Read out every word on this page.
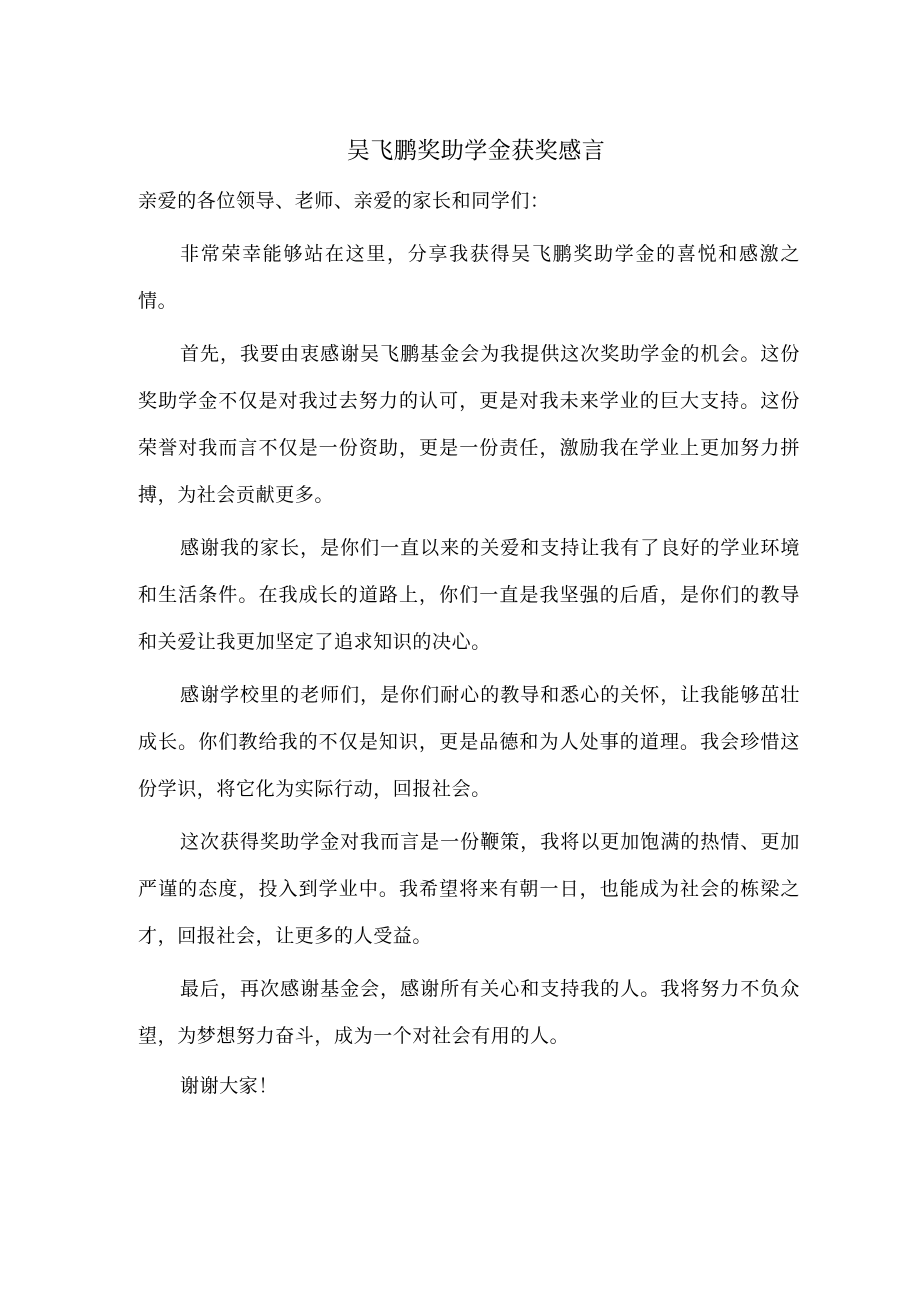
吴飞鹏奖助学金获奖感言

亲爱的各位领导、老师、亲爱的家长和同学们：

非常荣幸能够站在这里，分享我获得吴飞鹏奖助学金的喜悦和感激之情。

首先，我要由衷感谢吴飞鹏基金会为我提供这次奖助学金的机会。这份奖助学金不仅是对我过去努力的认可，更是对我未来学业的巨大支持。这份荣誉对我而言不仅是一份资助，更是一份责任，激励我在学业上更加努力拼搏，为社会贡献更多。

感谢我的家长，是你们一直以来的关爱和支持让我有了良好的学业环境和生活条件。在我成长的道路上，你们一直是我坚强的后盾，是你们的教导和关爱让我更加坚定了追求知识的决心。

感谢学校里的老师们，是你们耐心的教导和悉心的关怀，让我能够茁壮成长。你们教给我的不仅是知识，更是品德和为人处事的道理。我会珍惜这份学识，将它化为实际行动，回报社会。

这次获得奖助学金对我而言是一份鞭策，我将以更加饱满的热情、更加严谨的态度，投入到学业中。我希望将来有朝一日，也能成为社会的栋梁之才，回报社会，让更多的人受益。

最后，再次感谢基金会，感谢所有关心和支持我的人。我将努力不负众望，为梦想努力奋斗，成为一个对社会有用的人。

谢谢大家！
